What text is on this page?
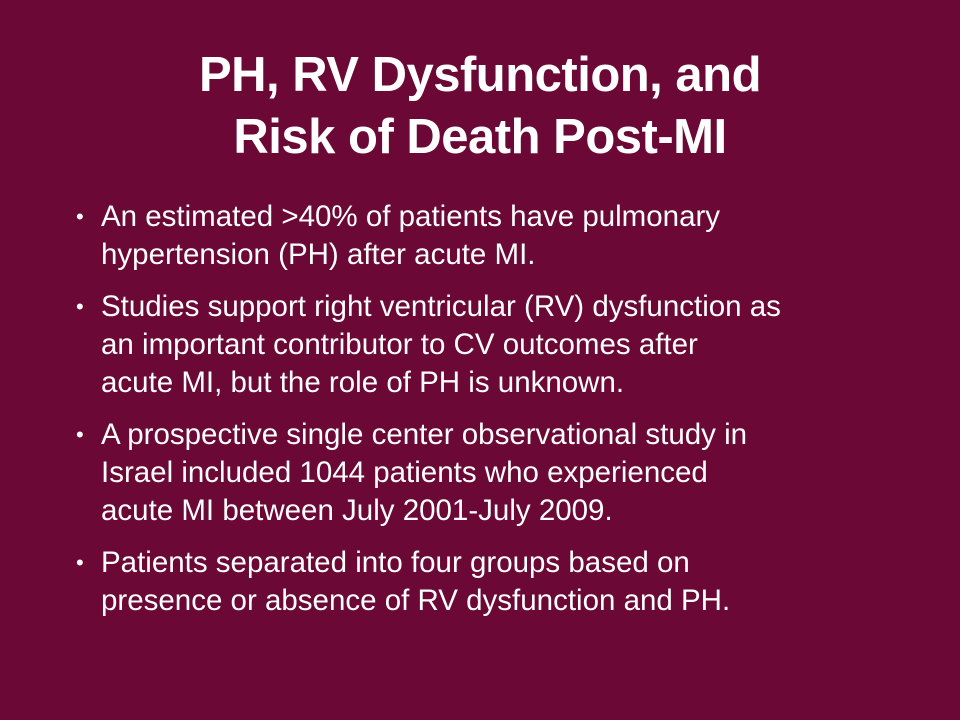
PH, RV Dysfunction, and
Risk of Death Post-MI
• An estimated >40% of patients have pulmonary
hypertension (PH) after acute MI.
• Studies support right ventricular (RV) dysfunction as
an important contributor to CV outcomes after
acute MI, but the role of PH is unknown.
• A prospective single center observational study in
Israel included 1044 patients who experienced
acute MI between July 2001-July 2009.
• Patients separated into four groups based on
presence or absence of RV dysfunction and PH.
